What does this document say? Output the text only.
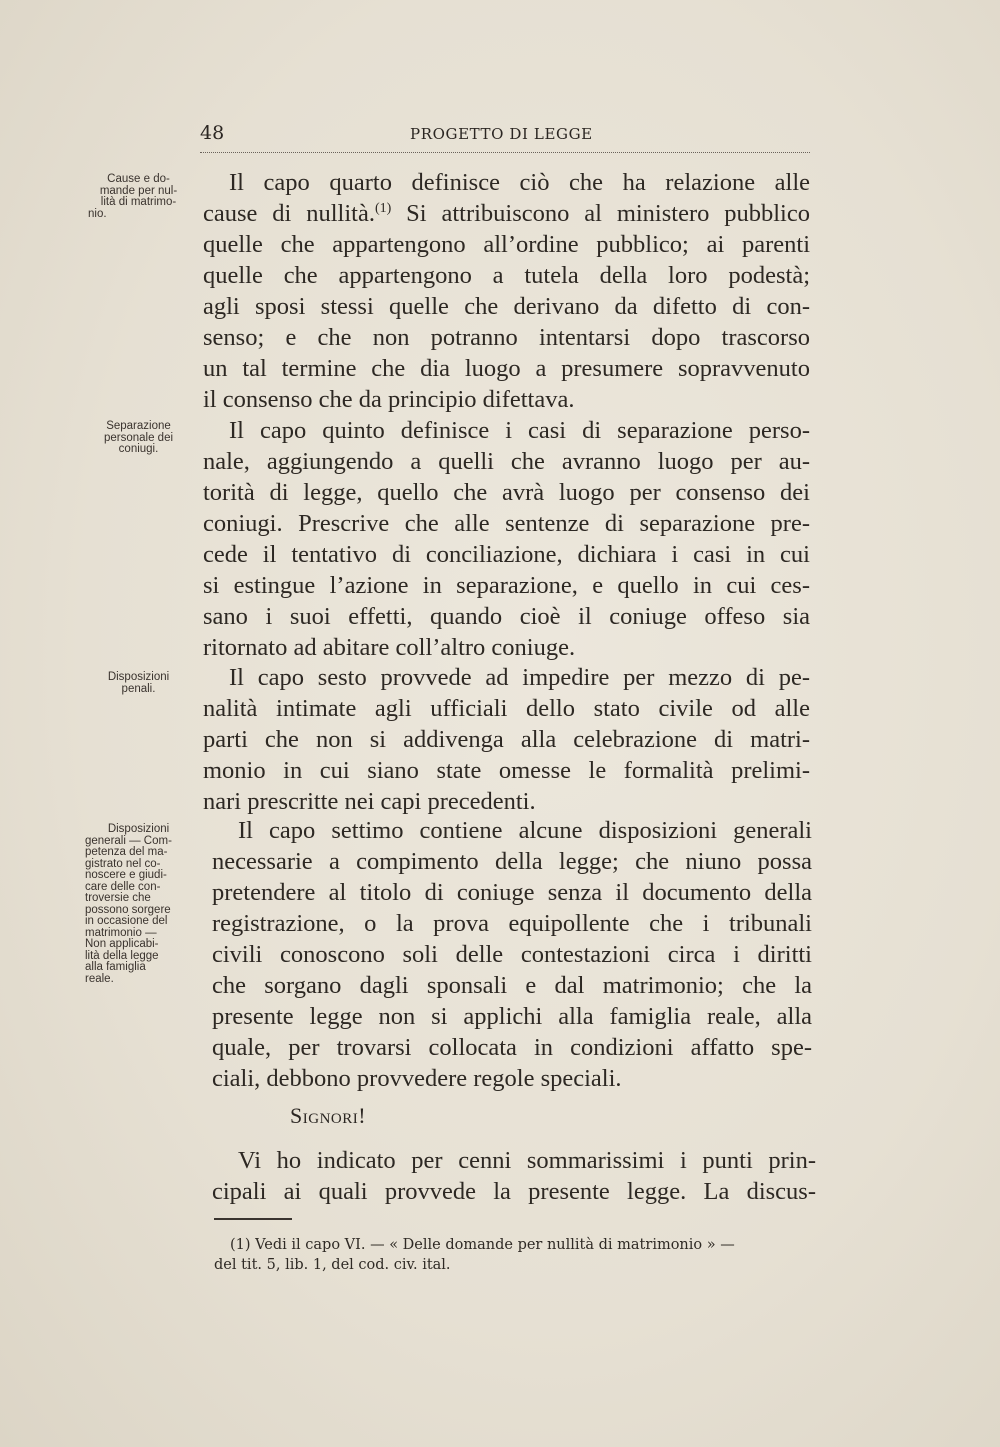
48	PROGETTO DI LEGGE
Cause e do-
mande per nul-
lità di matrimo-
nio.
Separazione
personale dei
coniugi.
Disposizioni
penali.
Disposizioni
generali — Com-
petenza del ma-
gistrato nel co-
noscere e giudi-
care delle con-
troversie che
possono sorgere
in occasione del
matrimonio —
Non applicabi-
lità della legge
alla famiglia
reale.
Il capo quarto definisce ciò che ha relazione alle
cause di nullità.$^{(1)}$ Si attribuiscono al ministero pubblico
quelle che appartengono all’ordine pubblico; ai parenti
quelle che appartengono a tutela della loro podestà;
agli sposi stessi quelle che derivano da difetto di con-
senso; e che non potranno intentarsi dopo trascorso
un tal termine che dia luogo a presumere sopravvenuto
il consenso che da principio difettava.
Il capo quinto definisce i casi di separazione perso-
nale, aggiungendo a quelli che avranno luogo per au-
torità di legge, quello che avrà luogo per consenso dei
coniugi. Prescrive che alle sentenze di separazione pre-
cede il tentativo di conciliazione, dichiara i casi in cui
si estingue l’azione in separazione, e quello in cui ces-
sano i suoi effetti, quando cioè il coniuge offeso sia
ritornato ad abitare coll’altro coniuge.
Il capo sesto provvede ad impedire per mezzo di pe-
nalità intimate agli ufficiali dello stato civile od alle
parti che non si addivenga alla celebrazione di matri-
monio in cui siano state omesse le formalità prelimi-
nari prescritte nei capi precedenti.
Il capo settimo contiene alcune disposizioni generali
necessarie a compimento della legge; che niuno possa
pretendere al titolo di coniuge senza il documento della
registrazione, o la prova equipollente che i tribunali
civili conoscono soli delle contestazioni circa i diritti
che sorgano dagli sponsali e dal matrimonio; che la
presente legge non si applichi alla famiglia reale, alla
quale, per trovarsi collocata in condizioni affatto spe-
ciali, debbono provvedere regole speciali.
Signori!
Vi ho indicato per cenni sommarissimi i punti prin-
cipali ai quali provvede la presente legge. La discus-
(1) Vedi il capo VI. — « Delle domande per nullità di matrimonio » —
del tit. 5, lib. 1, del cod. civ. ital.
